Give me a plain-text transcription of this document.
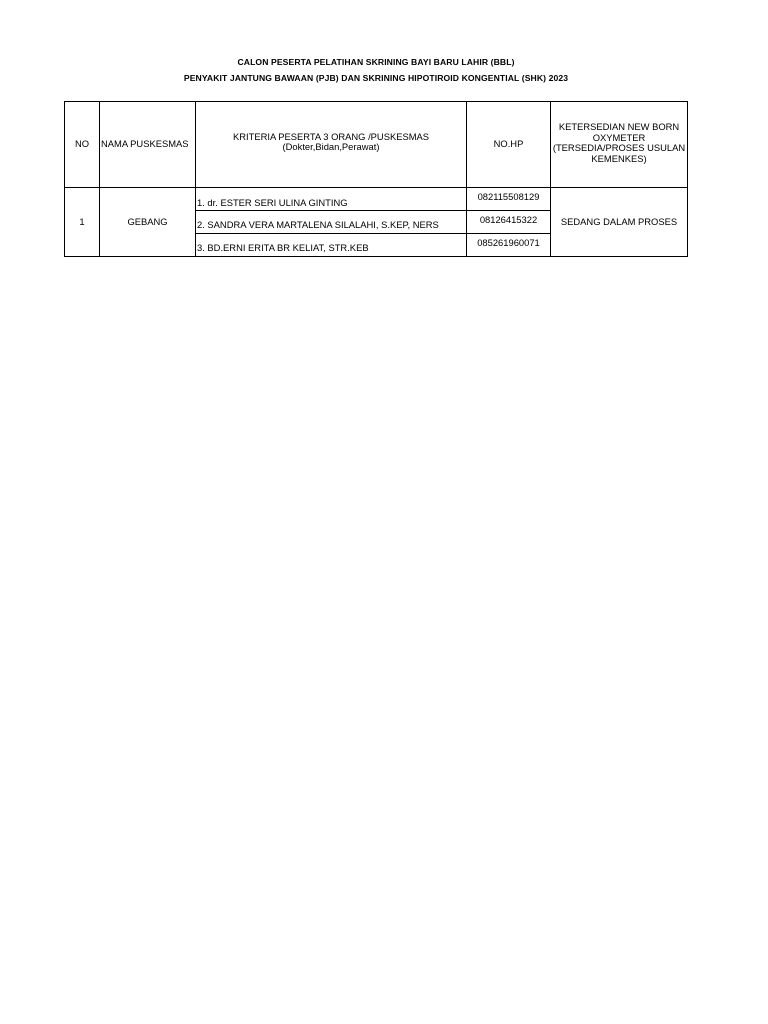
CALON PESERTA PELATIHAN SKRINING BAYI BARU LAHIR (BBL)
PENYAKIT JANTUNG BAWAAN (PJB) DAN SKRINING HIPOTIROID KONGENTIAL (SHK) 2023
NO NAMA PUSKESMAS
KRITERIA PESERTA 3 ORANG /PUSKESMAS
(Dokter,Bidan,Perawat)	NO.HP
KETERSEDIAN NEW BORN
OXYMETER
(TERSEDIA/PROSES USULAN
KEMENKES)
1	GEBANG
1. dr. ESTER SERI ULINA GINTING
2. SANDRA VERA MARTALENA SILALAHI, S.KEP, NERS
3. BD.ERNI ERITA BR KELIAT, STR.KEB
082115508129
08126415322
085261960071
SEDANG DALAM PROSES
